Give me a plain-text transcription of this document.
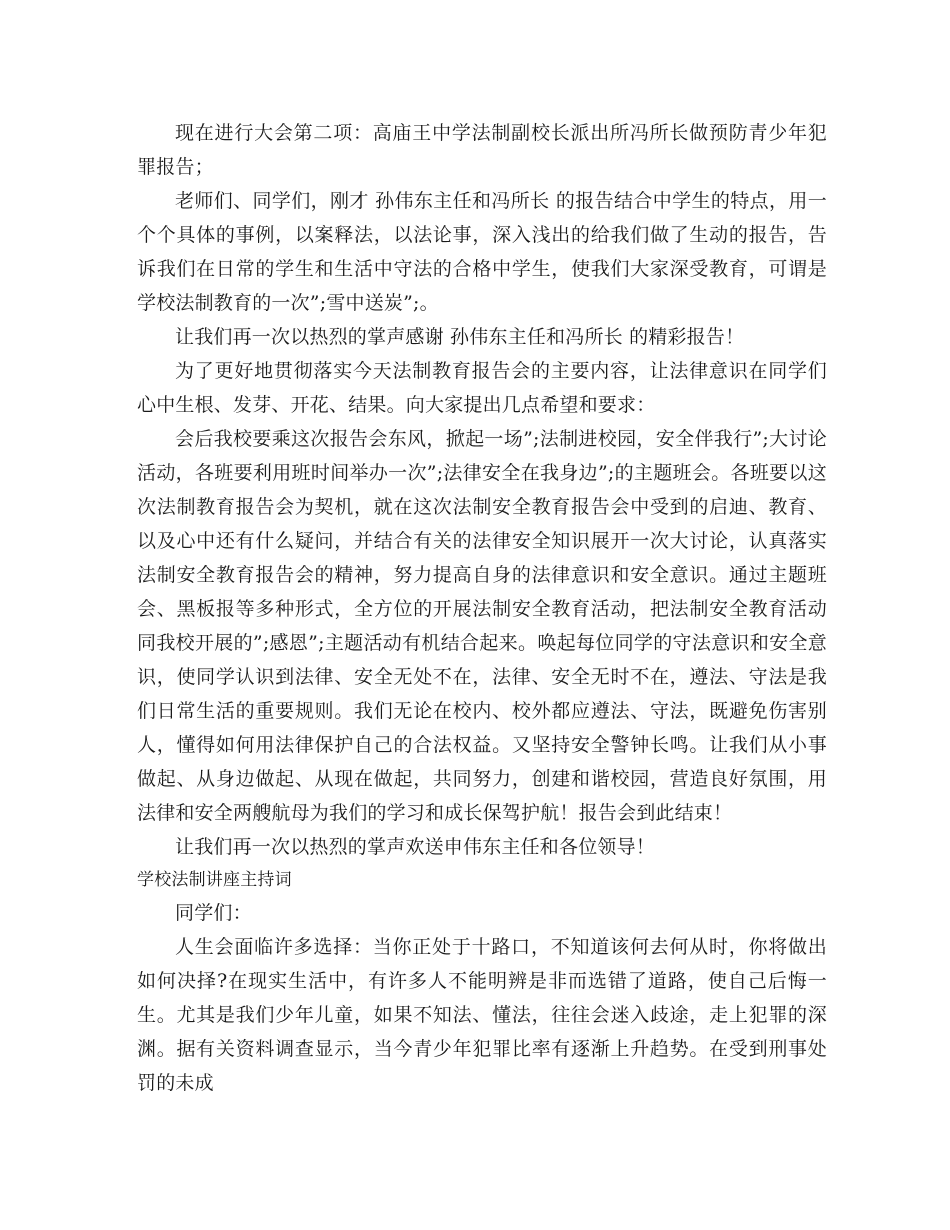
现在进行大会第二项：高庙王中学法制副校长派出所冯所长做预防青少年犯罪报告；

老师们、同学们，刚才 孙伟东主任和冯所长 的报告结合中学生的特点，用一个个具体的事例，以案释法，以法论事，深入浅出的给我们做了生动的报告，告诉我们在日常的学生和生活中守法的合格中学生，使我们大家深受教育，可谓是学校法制教育的一次”;雪中送炭”;。

让我们再一次以热烈的掌声感谢 孙伟东主任和冯所长 的精彩报告！

为了更好地贯彻落实今天法制教育报告会的主要内容，让法律意识在同学们心中生根、发芽、开花、结果。向大家提出几点希望和要求：

会后我校要乘这次报告会东风，掀起一场”;法制进校园，安全伴我行”;大讨论活动，各班要利用班时间举办一次”;法律安全在我身边”;的主题班会。各班要以这次法制教育报告会为契机，就在这次法制安全教育报告会中受到的启迪、教育、以及心中还有什么疑问，并结合有关的法律安全知识展开一次大讨论，认真落实法制安全教育报告会的精神，努力提高自身的法律意识和安全意识。通过主题班会、黑板报等多种形式，全方位的开展法制安全教育活动，把法制安全教育活动同我校开展的”;感恩”;主题活动有机结合起来。唤起每位同学的守法意识和安全意识，使同学认识到法律、安全无处不在，法律、安全无时不在，遵法、守法是我们日常生活的重要规则。我们无论在校内、校外都应遵法、守法，既避免伤害别人，懂得如何用法律保护自己的合法权益。又坚持安全警钟长鸣。让我们从小事做起、从身边做起、从现在做起，共同努力，创建和谐校园，营造良好氛围，用法律和安全两艘航母为我们的学习和成长保驾护航！报告会到此结束！

让我们再一次以热烈的掌声欢送申伟东主任和各位领导！

学校法制讲座主持词

同学们：

人生会面临许多选择：当你正处于十路口，不知道该何去何从时，你将做出如何决择?在现实生活中，有许多人不能明辨是非而选错了道路，使自己后悔一生。尤其是我们少年儿童，如果不知法、懂法，往往会迷入歧途，走上犯罪的深渊。据有关资料调查显示，当今青少年犯罪比率有逐渐上升趋势。在受到刑事处罚的未成
